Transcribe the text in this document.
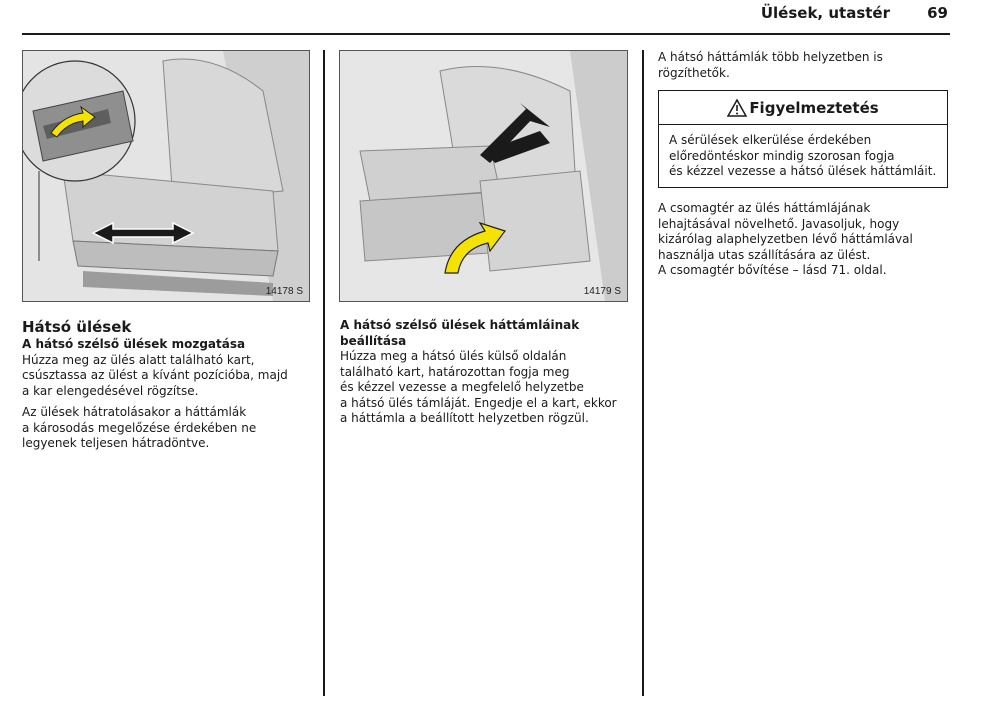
Ülések, utastér 69
14178 S	14179 S
Hátsó ülések
A hátsó szélső ülések mozgatása
Húzza meg az ülés alatt található kart,
csúsztassa az ülést a kívánt pozícióba, majd
a kar elengedésével rögzítse.
Az ülések hátratolásakor a háttámlák
a károsodás megelőzése érdekében ne
legyenek teljesen hátradöntve.
A hátsó szélső ülések háttámláinak
beállítása
Húzza meg a hátsó ülés külső oldalán
található kart, határozottan fogja meg
és kézzel vezesse a megfelelő helyzetbe
a hátsó ülés támláját. Engedje el a kart, ekkor
a háttámla a beállított helyzetben rögzül.
A hátsó háttámlák több helyzetben is
rögzíthetők.
Figyelmeztetés
A sérülések elkerülése érdekében
előredöntéskor mindig szorosan fogja
és kézzel vezesse a hátsó ülések háttámláit.
A csomagtér az ülés háttámlájának
lehajtásával növelhető. Javasoljuk, hogy
kizárólag alaphelyzetben lévő háttámlával
használja utas szállítására az ülést.
A csomagtér bővítése – lásd 71. oldal.
